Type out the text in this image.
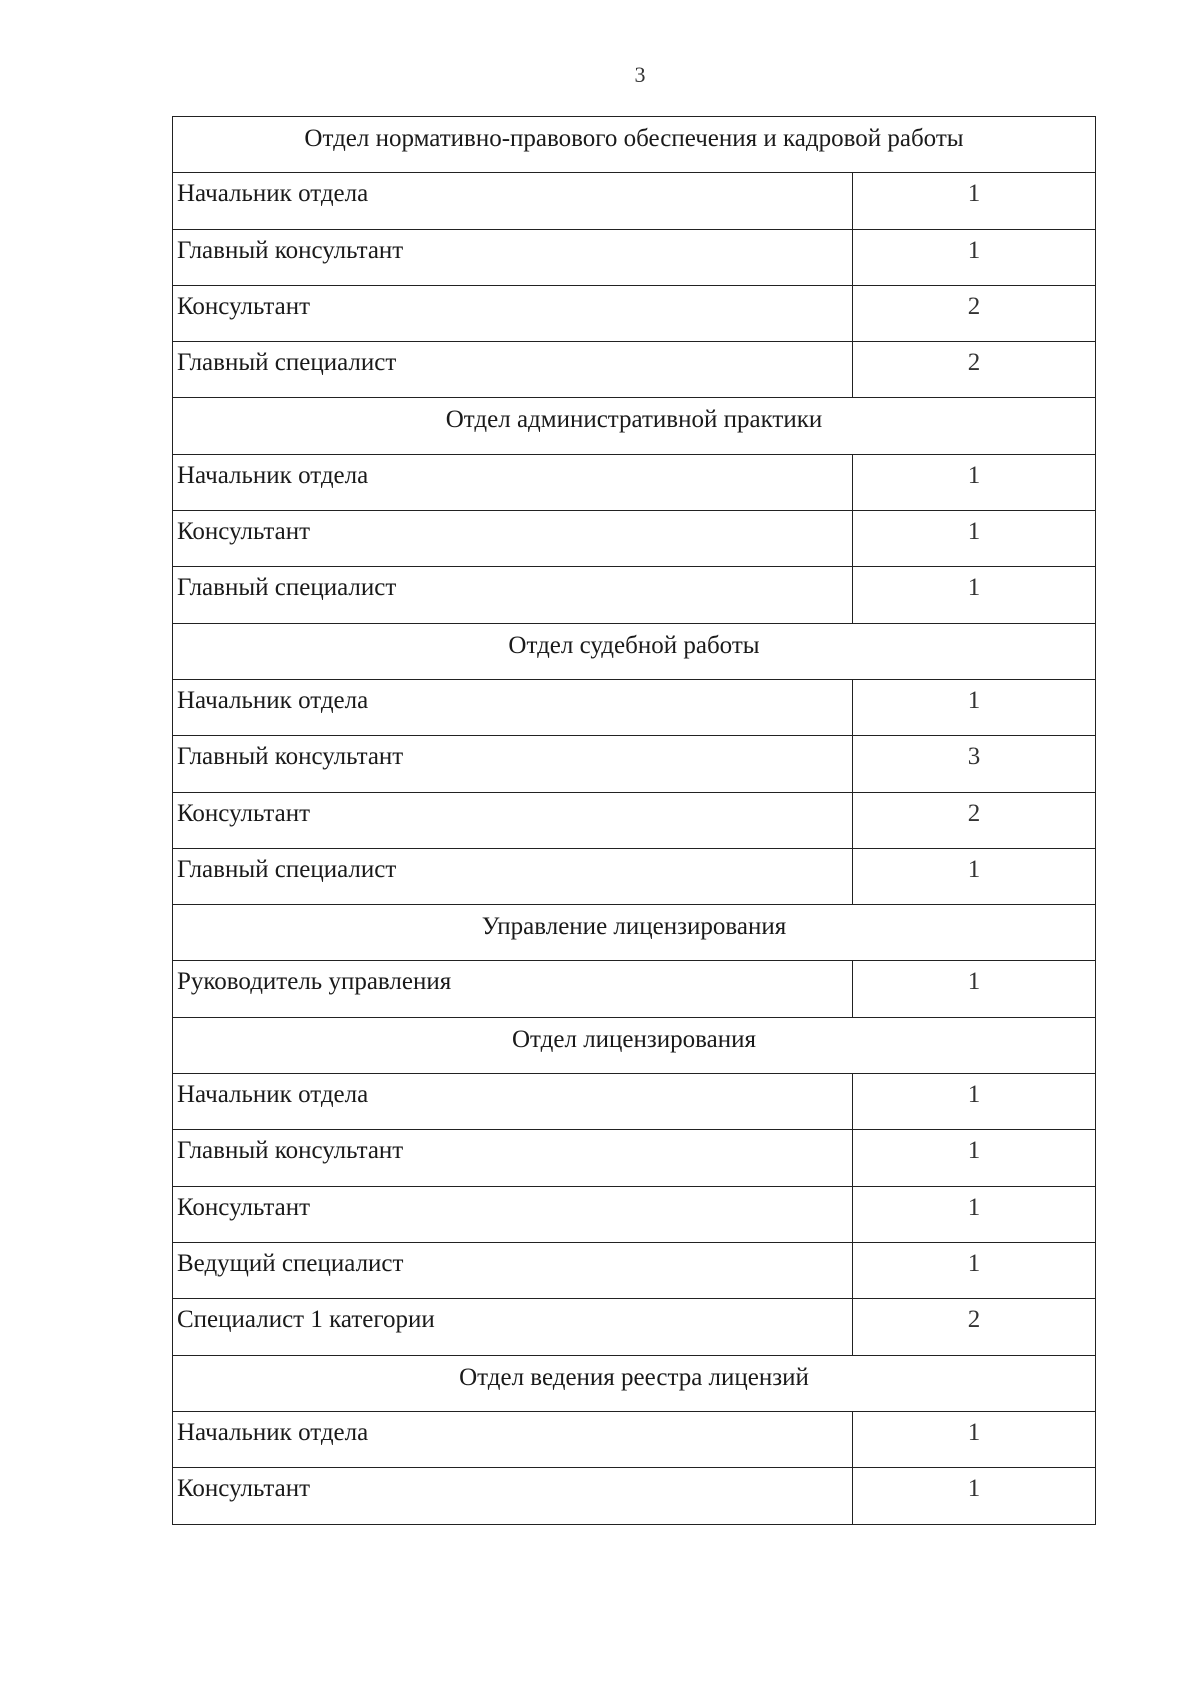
3
Отдел нормативно-правового обеспечения и кадровой работы
Начальник отдела	1
Главный консультант	1
Консультант	2
Главный специалист	2
Отдел административной практики
Начальник отдела	1
Консультант	1
Главный специалист	1
Отдел судебной работы
Начальник отдела	1
Главный консультант	3
Консультант	2
Главный специалист	1
Управление лицензирования
Руководитель управления	1
Отдел лицензирования
Начальник отдела	1
Главный консультант	1
Консультант	1
Ведущий специалист	1
Специалист 1 категории	2
Отдел ведения реестра лицензий
Начальник отдела	1
Консультант	1
